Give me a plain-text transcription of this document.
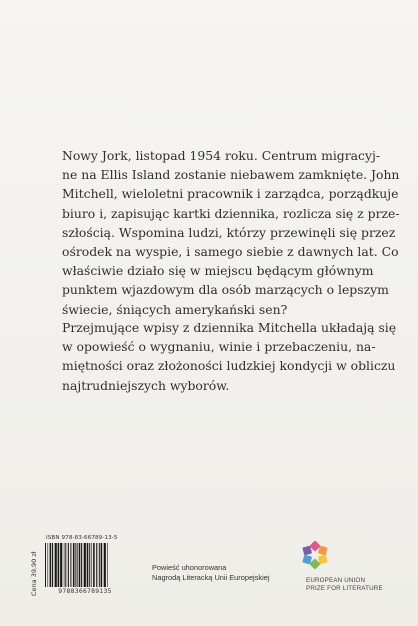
Nowy Jork, listopad 1954 roku. Centrum migracyj-
ne na Ellis Island zostanie niebawem zamknięte. John
Mitchell, wieloletni pracownik i zarządca, porządkuje
biuro i, zapisując kartki dziennika, rozlicza się z prze-
szłością. Wspomina ludzi, którzy przewinęli się przez
ośrodek na wyspie, i samego siebie z dawnych lat. Co
właściwie działo się w miejscu będącym głównym
punktem wjazdowym dla osób marzących o lepszym
świecie, śniących amerykański sen?
Przejmujące wpisy z dziennika Mitchella układają się
w opowieść o wygnaniu, winie i przebaczeniu, na-
miętności oraz złożoności ludzkiej kondycji w obliczu
najtrudniejszych wyborów.
Cena 39,90 zł
ISBN 978-83-66789-13-5
9788366789135
Powieść uhonorowana
Nagrodą Literacką Unii Europejskiej	EUROPEAN UNION
PRIZE FOR LITERATURE
